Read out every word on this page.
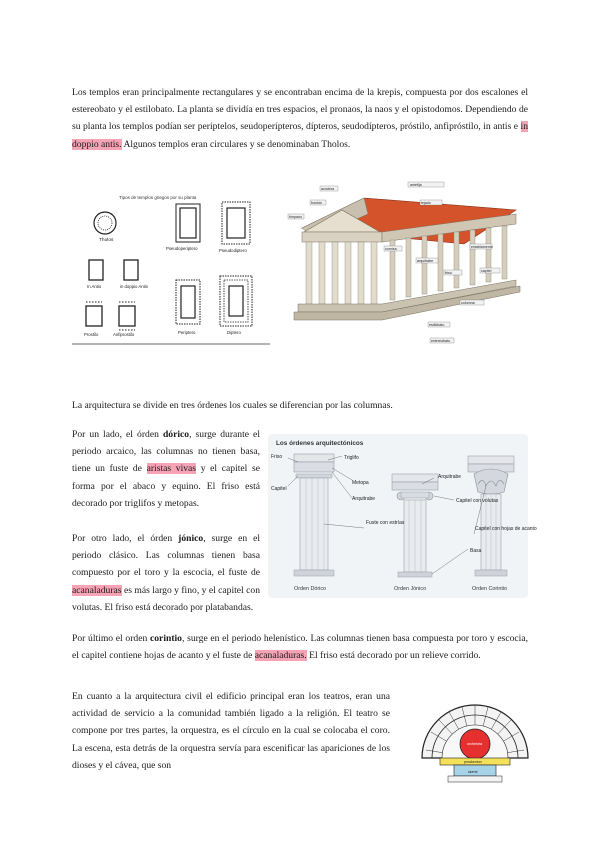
Los templos eran principalmente rectangulares y se encontraban encima de la krepis, compuesta por dos escalones el estereobato y el estilobato. La planta se dividía en tres espacios, el pronaos, la naos y el opistodomos. Dependiendo de su planta los templos podían ser períptelos, seudoperípteros, dípteros, seudodípteros, próstilo, anfipróstilo, in antis e in doppio antis. Algunos templos eran circulares y se denominaban Tholos.
Tipos de templos griegos por su planta
Tholos
Pseudoperiptero	Pseudodiptero
In Antis	in doppio Antis
Prostilo	Anfiprostilo	Periptero	Diptero
acrotera
antefija
frontón
tímpano
tejado
cornisa	entablamento
arquitrabe
friso	capitel
columna
estilóbato
estereóbato
La arquitectura se divide en tres órdenes los cuales se diferencian por las columnas.
Por un lado, el órden dórico, surge durante el periodo arcaico, las columnas no tienen basa, tiene un fuste de aristas vivas y el capitel se forma por el abaco y equino. El friso está decorado por triglifos y metopas.
Por otro lado, el órden jónico, surge en el periodo clásico. Las columnas tienen basa compuesto por el toro y la escocia, el fuste de acanaladuras es más largo y fino, y el capitel con volutas. El friso está decorado por platabandas.
Los órdenes arquitectónicos
Friso
Capitel
Triglifo
Metopa
Arquitrabe
Fuste con estrías
Arquitrabe
Capitel con volutas
Basa
Capitel con hojas de acanto
Orden Dórico	Orden Jónico	Orden Corintio
Por último el orden corintio, surge en el periodo helenístico. Las columnas tienen basa compuesta por toro y escocia, el capitel contiene hojas de acanto y el fuste de acanaladuras. El friso está decorado por un relieve corrido.
En cuanto a la arquitectura civil el edificio principal eran los teatros, eran una actividad de servicio a la comunidad también ligado a la religión. El teatro se compone por tres partes, la orquestra, es el círculo en la cual se colocaba el coro. La escena, esta detrás de la orquestra servía para escenificar las apariciones de los dioses y el cávea, que son
orchestra
skené
proskenion
